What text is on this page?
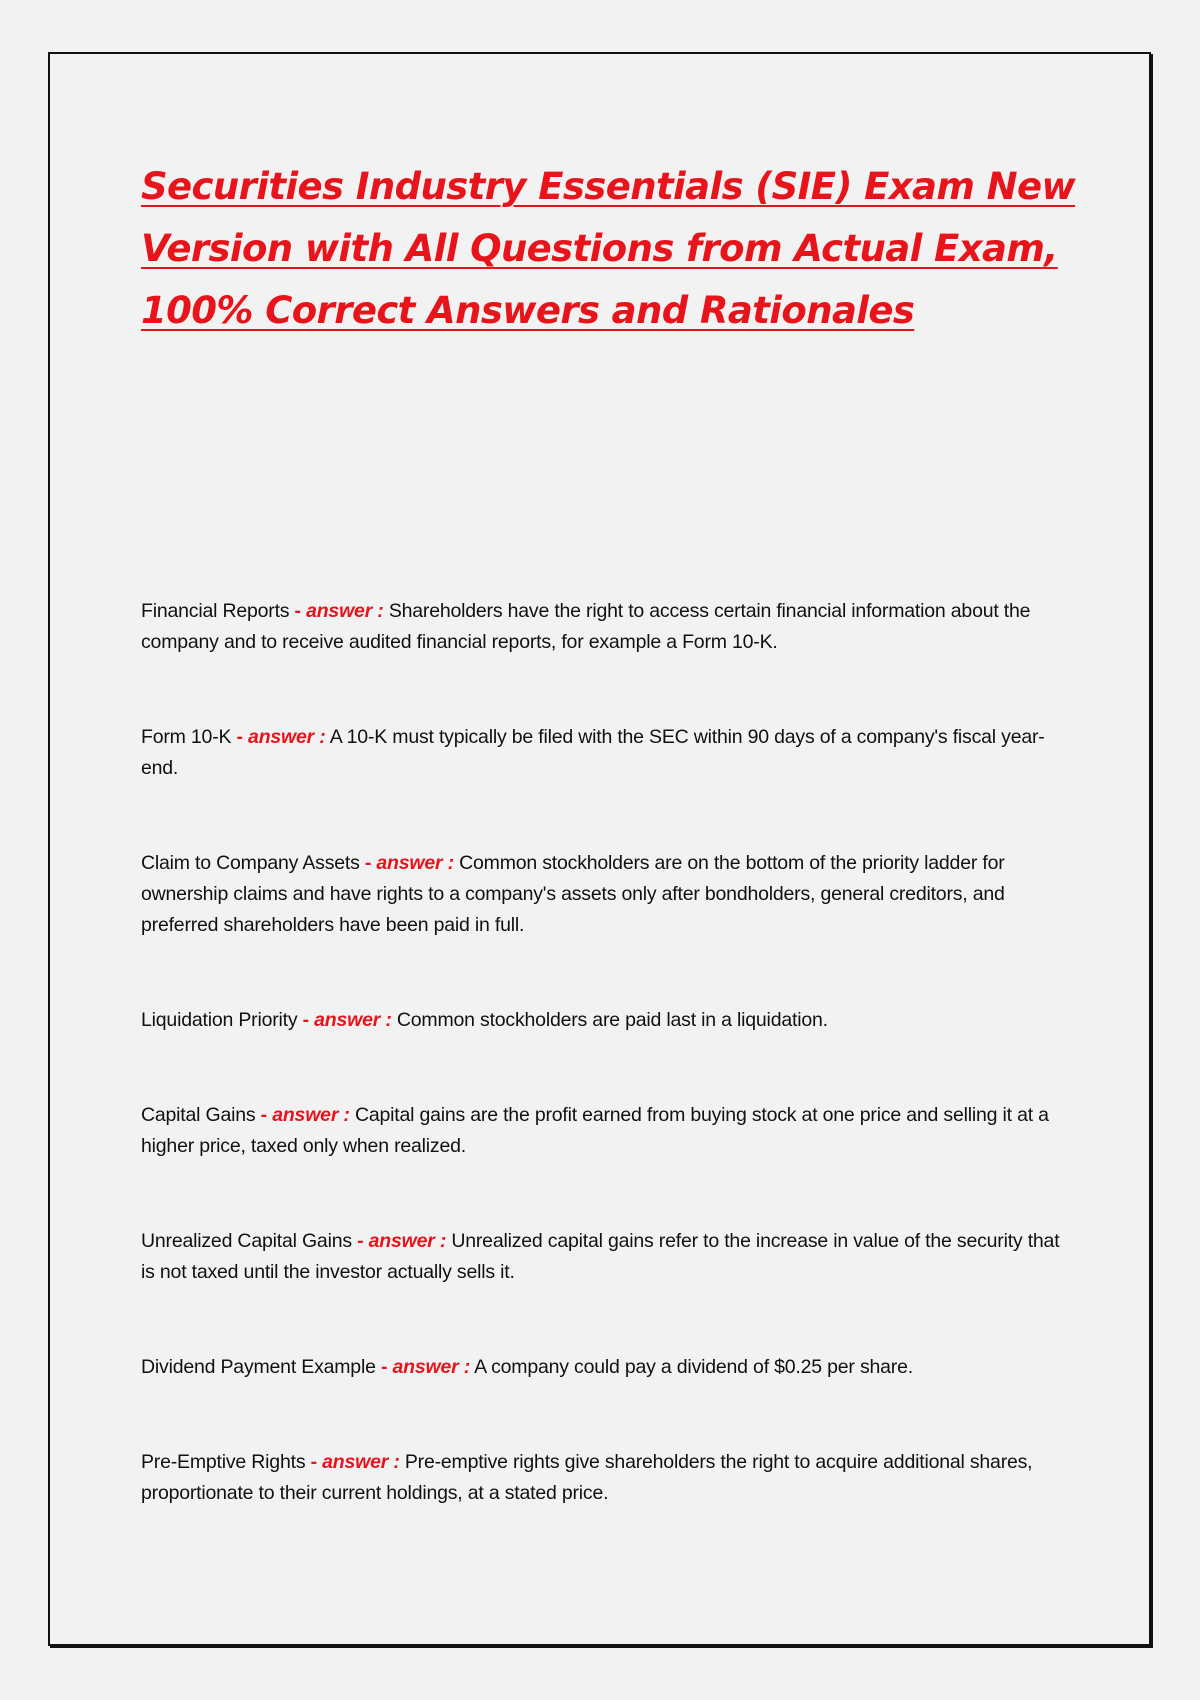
Securities Industry Essentials (SIE) Exam New Version with All Questions from Actual Exam, 100% Correct Answers and Rationales
Financial Reports - answer : Shareholders have the right to access certain financial information about the company and to receive audited financial reports, for example a Form 10-K.
Form 10-K - answer : A 10-K must typically be filed with the SEC within 90 days of a company's fiscal year-end.
Claim to Company Assets - answer : Common stockholders are on the bottom of the priority ladder for ownership claims and have rights to a company's assets only after bondholders, general creditors, and preferred shareholders have been paid in full.
Liquidation Priority - answer : Common stockholders are paid last in a liquidation.
Capital Gains - answer : Capital gains are the profit earned from buying stock at one price and selling it at a higher price, taxed only when realized.
Unrealized Capital Gains - answer : Unrealized capital gains refer to the increase in value of the security that is not taxed until the investor actually sells it.
Dividend Payment Example - answer : A company could pay a dividend of $0.25 per share.
Pre-Emptive Rights - answer : Pre-emptive rights give shareholders the right to acquire additional shares, proportionate to their current holdings, at a stated price.
